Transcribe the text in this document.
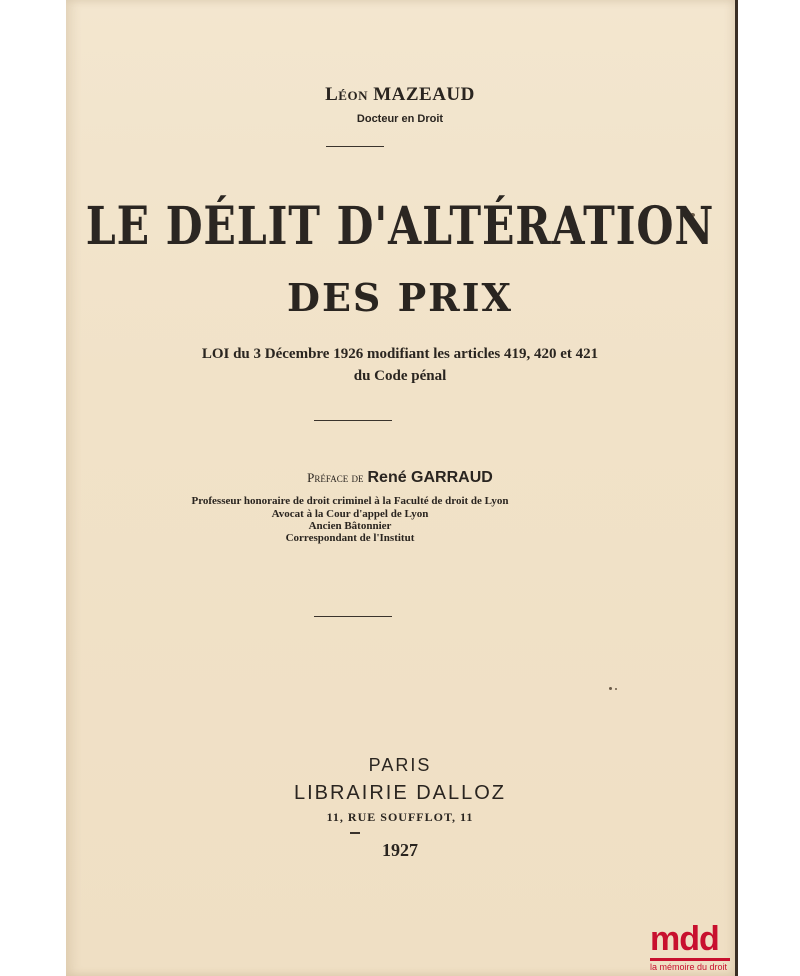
Léon MAZEAUD
Docteur en Droit
LE DÉLIT D'ALTÉRATION
DES PRIX
LOI du 3 Décembre 1926 modifiant les articles 419, 420 et 421
du Code pénal
Préface de René GARRAUD
Professeur honoraire de droit criminel à la Faculté de droit de Lyon
Avocat à la Cour d'appel de Lyon
Ancien Bâtonnier
Correspondant de l'Institut
PARIS
LIBRAIRIE DALLOZ
11, RUE SOUFFLOT, 11
1927
mdd
la mémoire du droit
